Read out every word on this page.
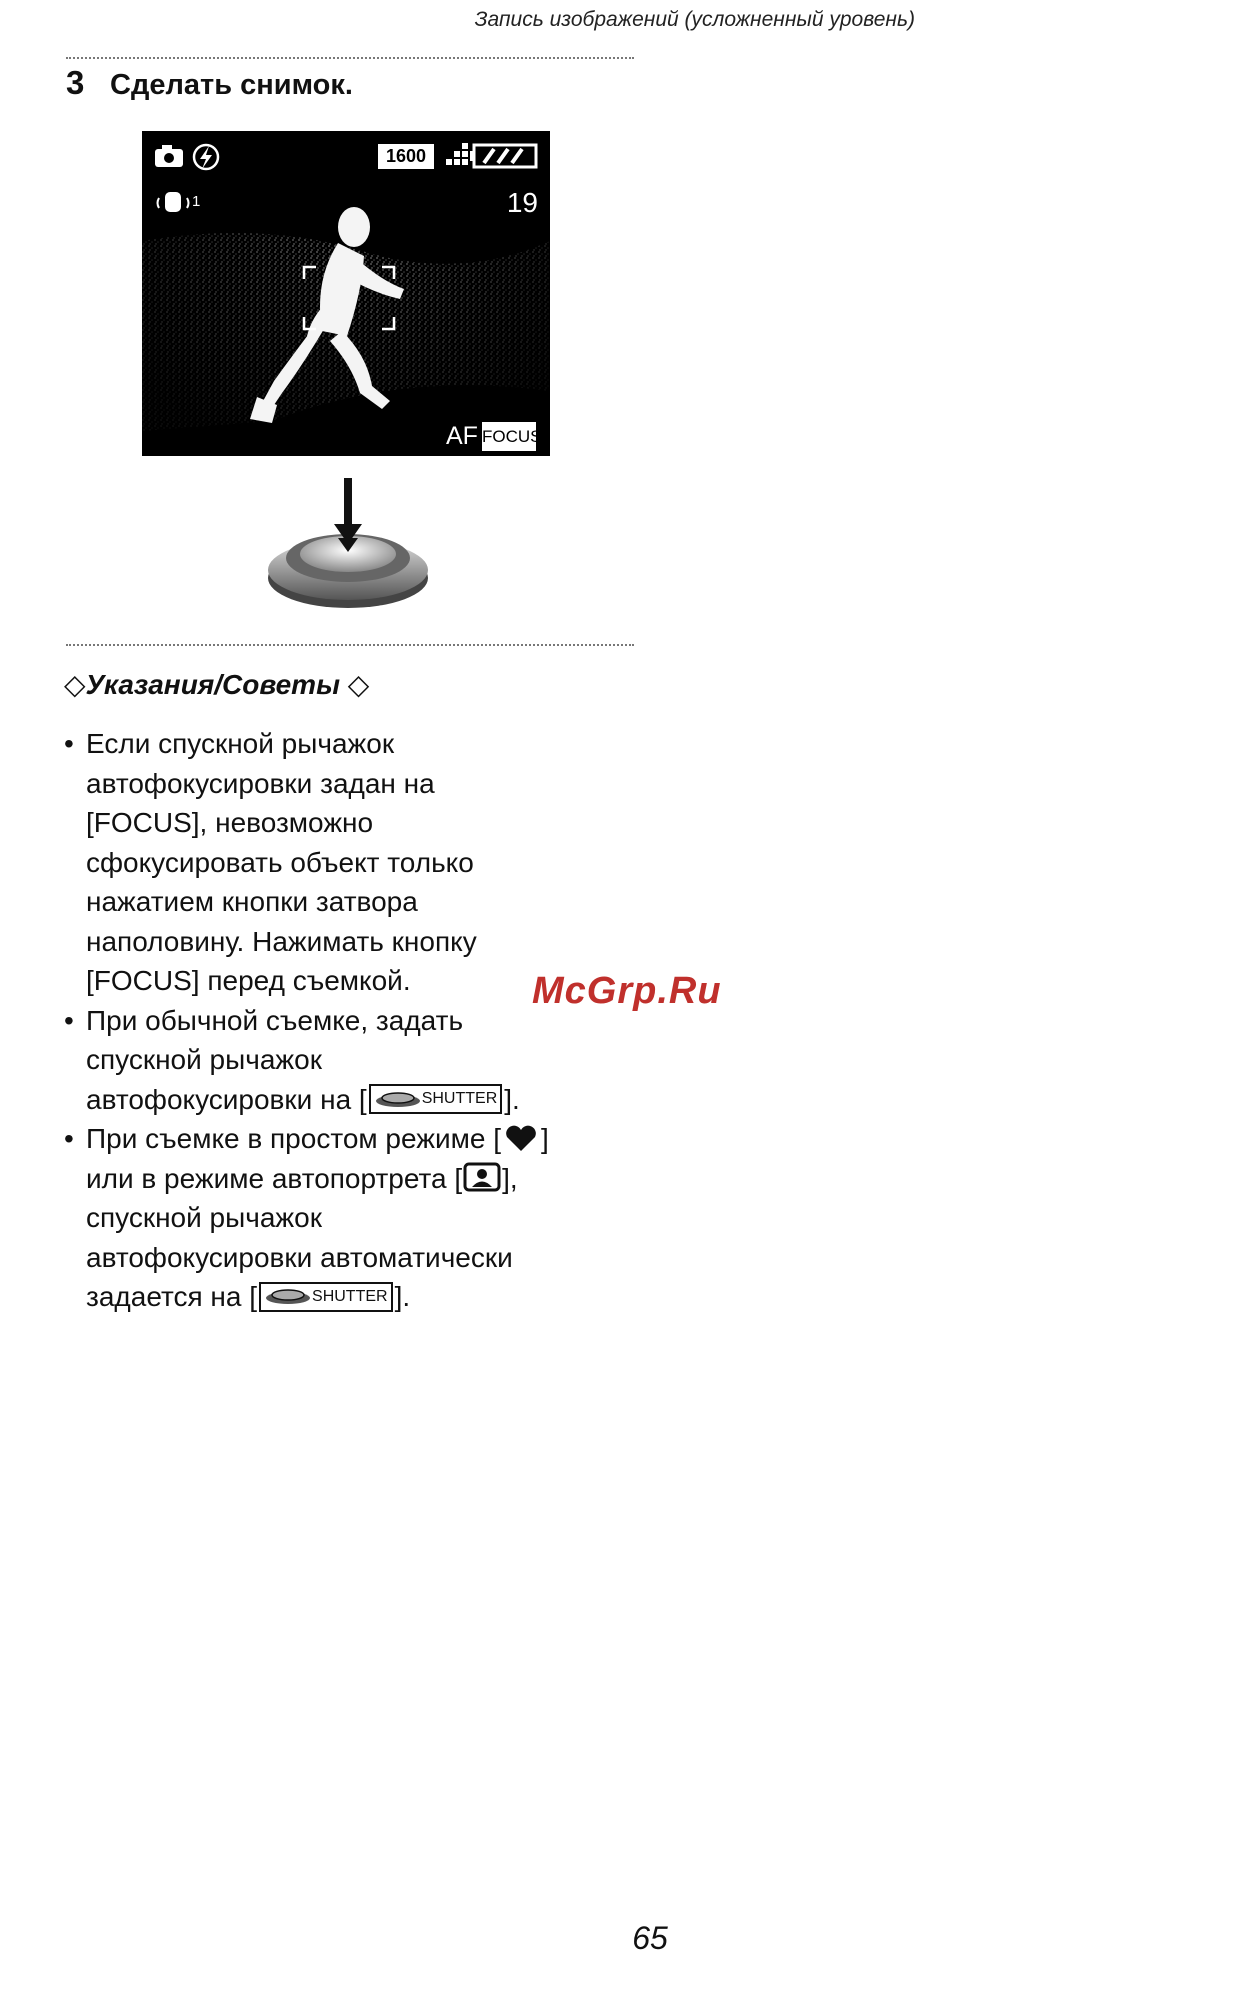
Запись изображений (усложненный уровень)
3 Сделать снимок.
1600
1	19
AF FOCUS
◇Указания/Советы ◇
• Если спускной рычажок
автофокусировки задан на
[FOCUS], невозможно
сфокусировать объект только
нажатием кнопки затвора
наполовину. Нажимать кнопку
[FOCUS] перед съемкой.
• При обычной съемке, задать
спускной рычажок
автофокусировки на [	SHUTTER ].
• При съемке в простом режиме [ ]
или в режиме автопортрета [ ],
спускной рычажок
автофокусировки автоматически
задается на [	SHUTTER ].
McGrp.Ru
65
